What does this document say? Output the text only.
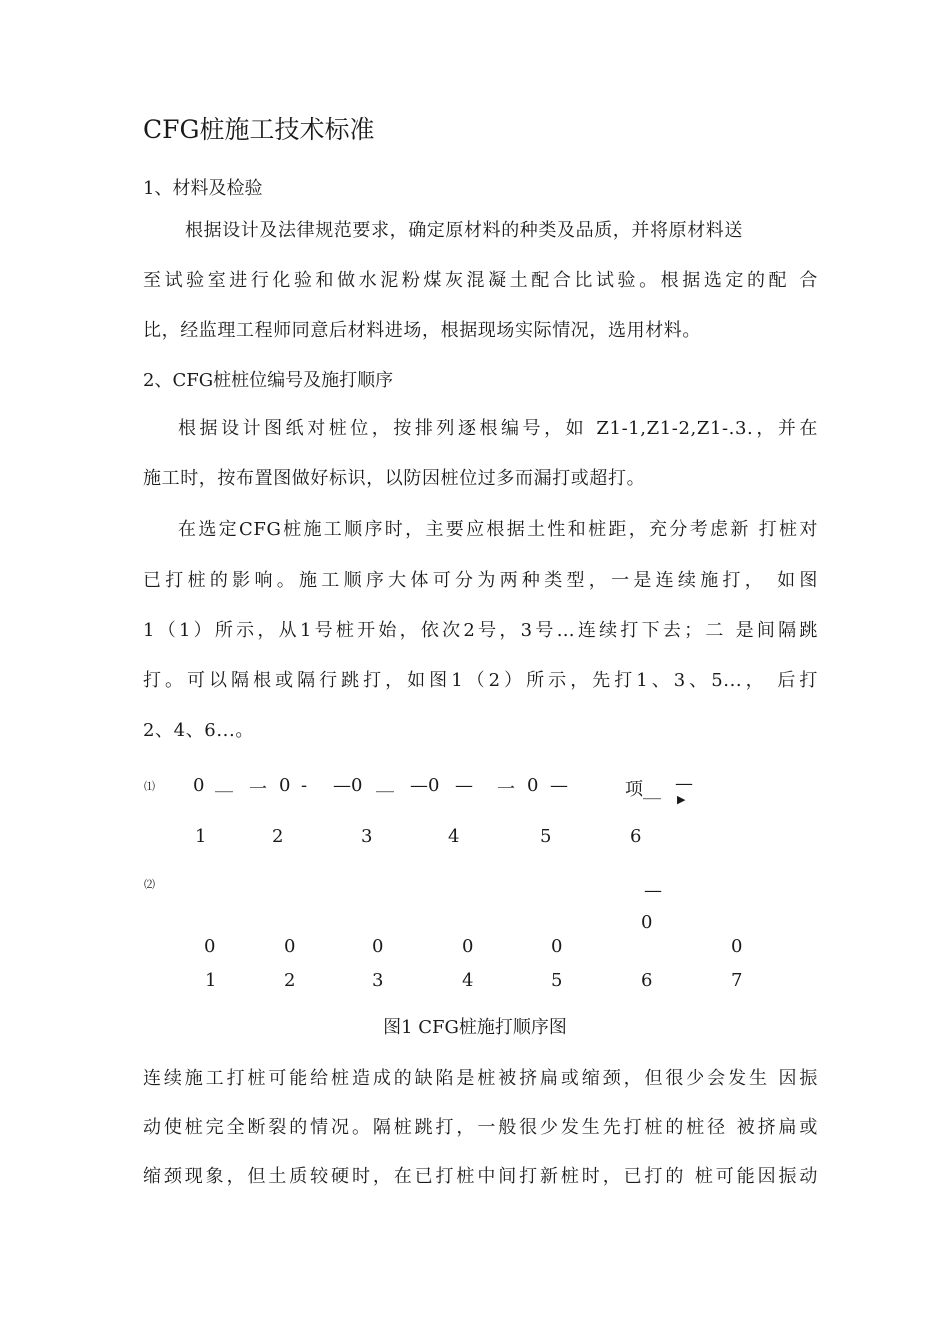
CFG桩施工技术标准
1、材料及检验
根据设计及法律规范要求，确定原材料的种类及品质，并将原材料送
至试验室进行化验和做水泥粉煤灰混凝土配合比试验。根据选定的配 合
比，经监理工程师同意后材料进场，根据现场实际情况，选用材料。
2、CFG桩桩位编号及施打顺序
根据设计图纸对桩位，按排列逐根编号，如 Z1-1,Z1-2,Z1-.3.，并在
施工时，按布置图做好标识，以防因桩位过多而漏打或超打。
在选定CFG桩施工顺序时，主要应根据土性和桩距，充分考虑新 打桩对
已打桩的影响。施工顺序大体可分为两种类型，一是连续施打， 如图
1（1）所示，从1号桩开始，依次2号，3号…连续打下去；二 是间隔跳
打。可以隔根或隔行跳打，如图1（2）所示，先打1、3、5...， 后打
2、4、6...。
⑴ 0 __ 一 0 - —0 __ —0 — 一 0 —	项__ —
▶
1	2	3	4	5	6
⑵	—
0
0	0	0	0	0	0
1	2	3	4	5	6	7
图1 CFG桩施打顺序图
连续施工打桩可能给桩造成的缺陷是桩被挤扁或缩颈，但很少会发生 因振
动使桩完全断裂的情况。隔桩跳打，一般很少发生先打桩的桩径 被挤扁或
缩颈现象，但土质较硬时，在已打桩中间打新桩时，已打的 桩可能因振动
